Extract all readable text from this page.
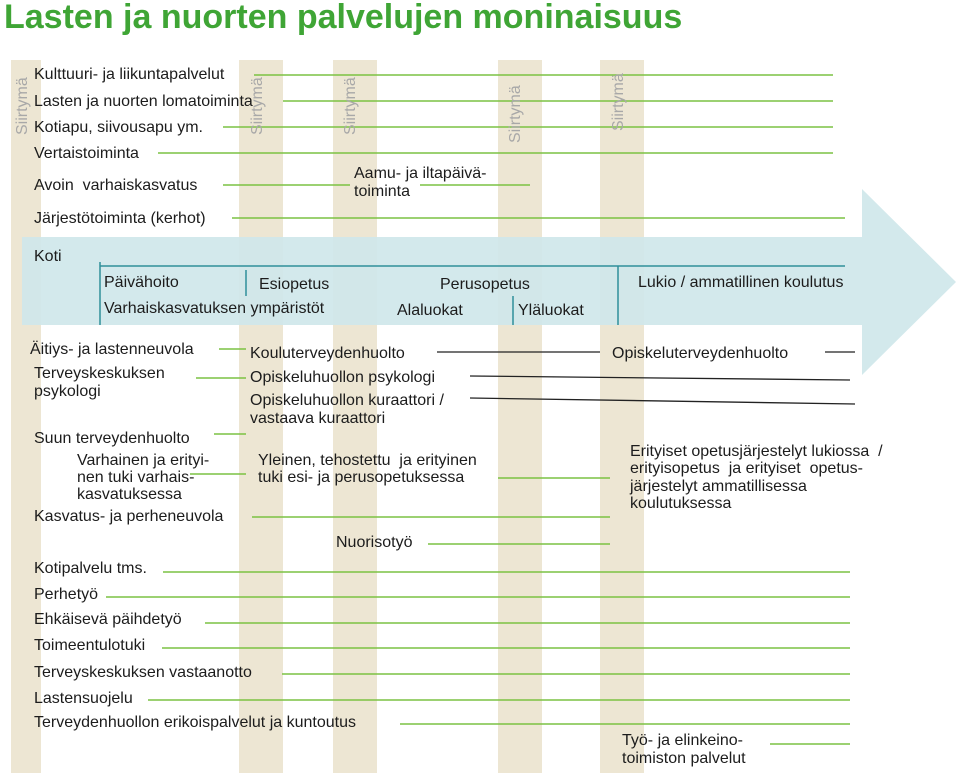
Lasten ja nuorten palvelujen moninaisuus
Siirtymä	Siirtymä	Siirtymä	Siirtymä	Siirtymä
Kulttuuri- ja liikuntapalvelut
Lasten ja nuorten lomatoiminta
Kotiapu, siivousapu ym.
Vertaistoiminta
Avoin  varhaiskasvatus
Järjestötoiminta (kerhot)
Aamu- ja iltapäivä-
toiminta
Koti
Päivähoito	Esiopetus
Varhaiskasvatuksen ympäristöt
Perusopetus
Alaluokat	Yläluokat
Lukio / ammatillinen koulutus
Äitiys- ja lastenneuvola
Terveyskeskuksen
psykologi
Kouluterveydenhuolto	Opiskeluterveydenhuolto
Opiskeluhuollon psykologi
Opiskeluhuollon kuraattori /
vastaava kuraattori
Suun terveydenhuolto
Varhainen ja erityi-
nen tuki varhais-
kasvatuksessa
Yleinen, tehostettu  ja erityinen
tuki esi- ja perusopetuksessa
Erityiset opetusjärjestelyt lukiossa  /
erityisopetus  ja erityiset  opetus-
järjestelyt ammatillisessa
koulutuksessa
Kasvatus- ja perheneuvola
Nuorisotyö
Kotipalvelu tms.
Perhetyö
Ehkäisevä päihdetyö
Toimeentulotuki
Terveyskeskuksen vastaanotto
Lastensuojelu
Terveydenhuollon erikoispalvelut ja kuntoutus
Työ- ja elinkeino-
toimiston palvelut
